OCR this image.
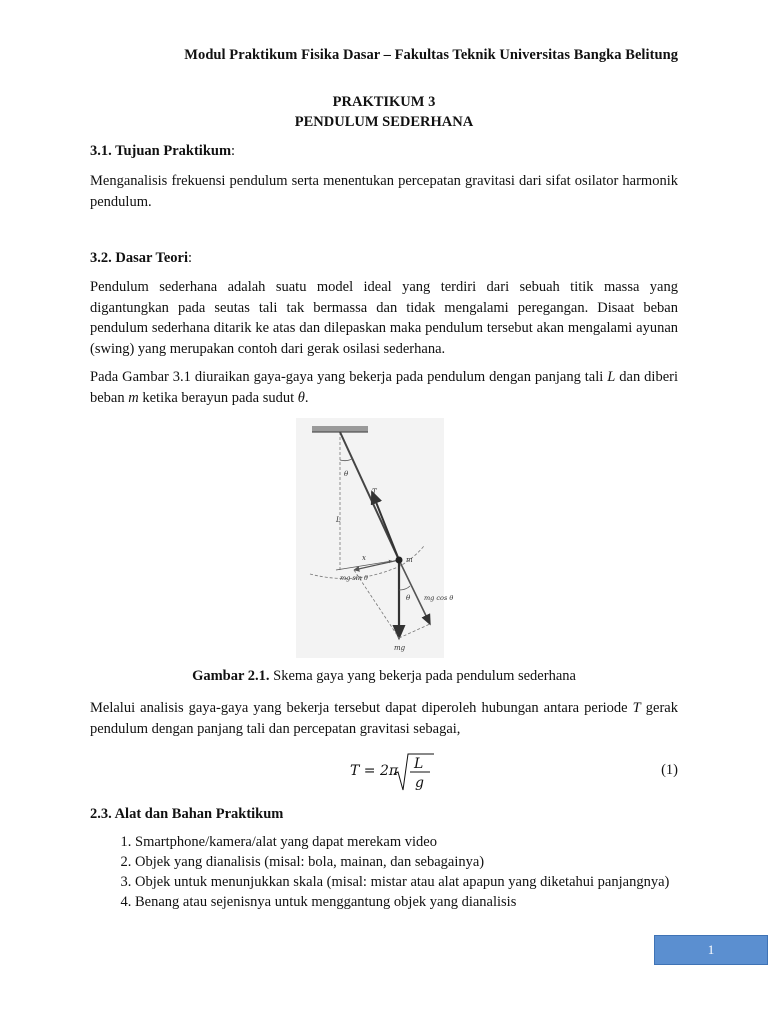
Modul Praktikum Fisika Dasar – Fakultas Teknik Universitas Bangka Belitung
PRAKTIKUM 3
PENDULUM SEDERHANA
3.1. Tujuan Praktikum:
Menganalisis frekuensi pendulum serta menentukan percepatan gravitasi dari sifat osilator harmonik pendulum.
3.2. Dasar Teori:
Pendulum sederhana adalah suatu model ideal yang terdiri dari sebuah titik massa yang digantungkan pada seutas tali tak bermassa dan tidak mengalami peregangan. Disaat beban pendulum sederhana ditarik ke atas dan dilepaskan maka pendulum tersebut akan mengalami ayunan (swing) yang merupakan contoh dari gerak osilasi sederhana.
Pada Gambar 3.1 diuraikan gaya-gaya yang bekerja pada pendulum dengan panjang tali L dan diberi beban m ketika berayun pada sudut θ.
θ
T
L
x	m
mg sin θ
θ mg cos θ
mg
Gambar 2.1. Skema gaya yang bekerja pada pendulum sederhana
Melalui analisis gaya-gaya yang bekerja tersebut dapat diperoleh hubungan antara periode T gerak pendulum dengan panjang tali dan percepatan gravitasi sebagai,
T = 2π L
g
(1)
2.3. Alat dan Bahan Praktikum
1. Smartphone/kamera/alat yang dapat merekam video
2. Objek yang dianalisis (misal: bola, mainan, dan sebagainya)
3. Objek untuk menunjukkan skala (misal: mistar atau alat apapun yang diketahui panjangnya)
4. Benang atau sejenisnya untuk menggantung objek yang dianalisis
1
